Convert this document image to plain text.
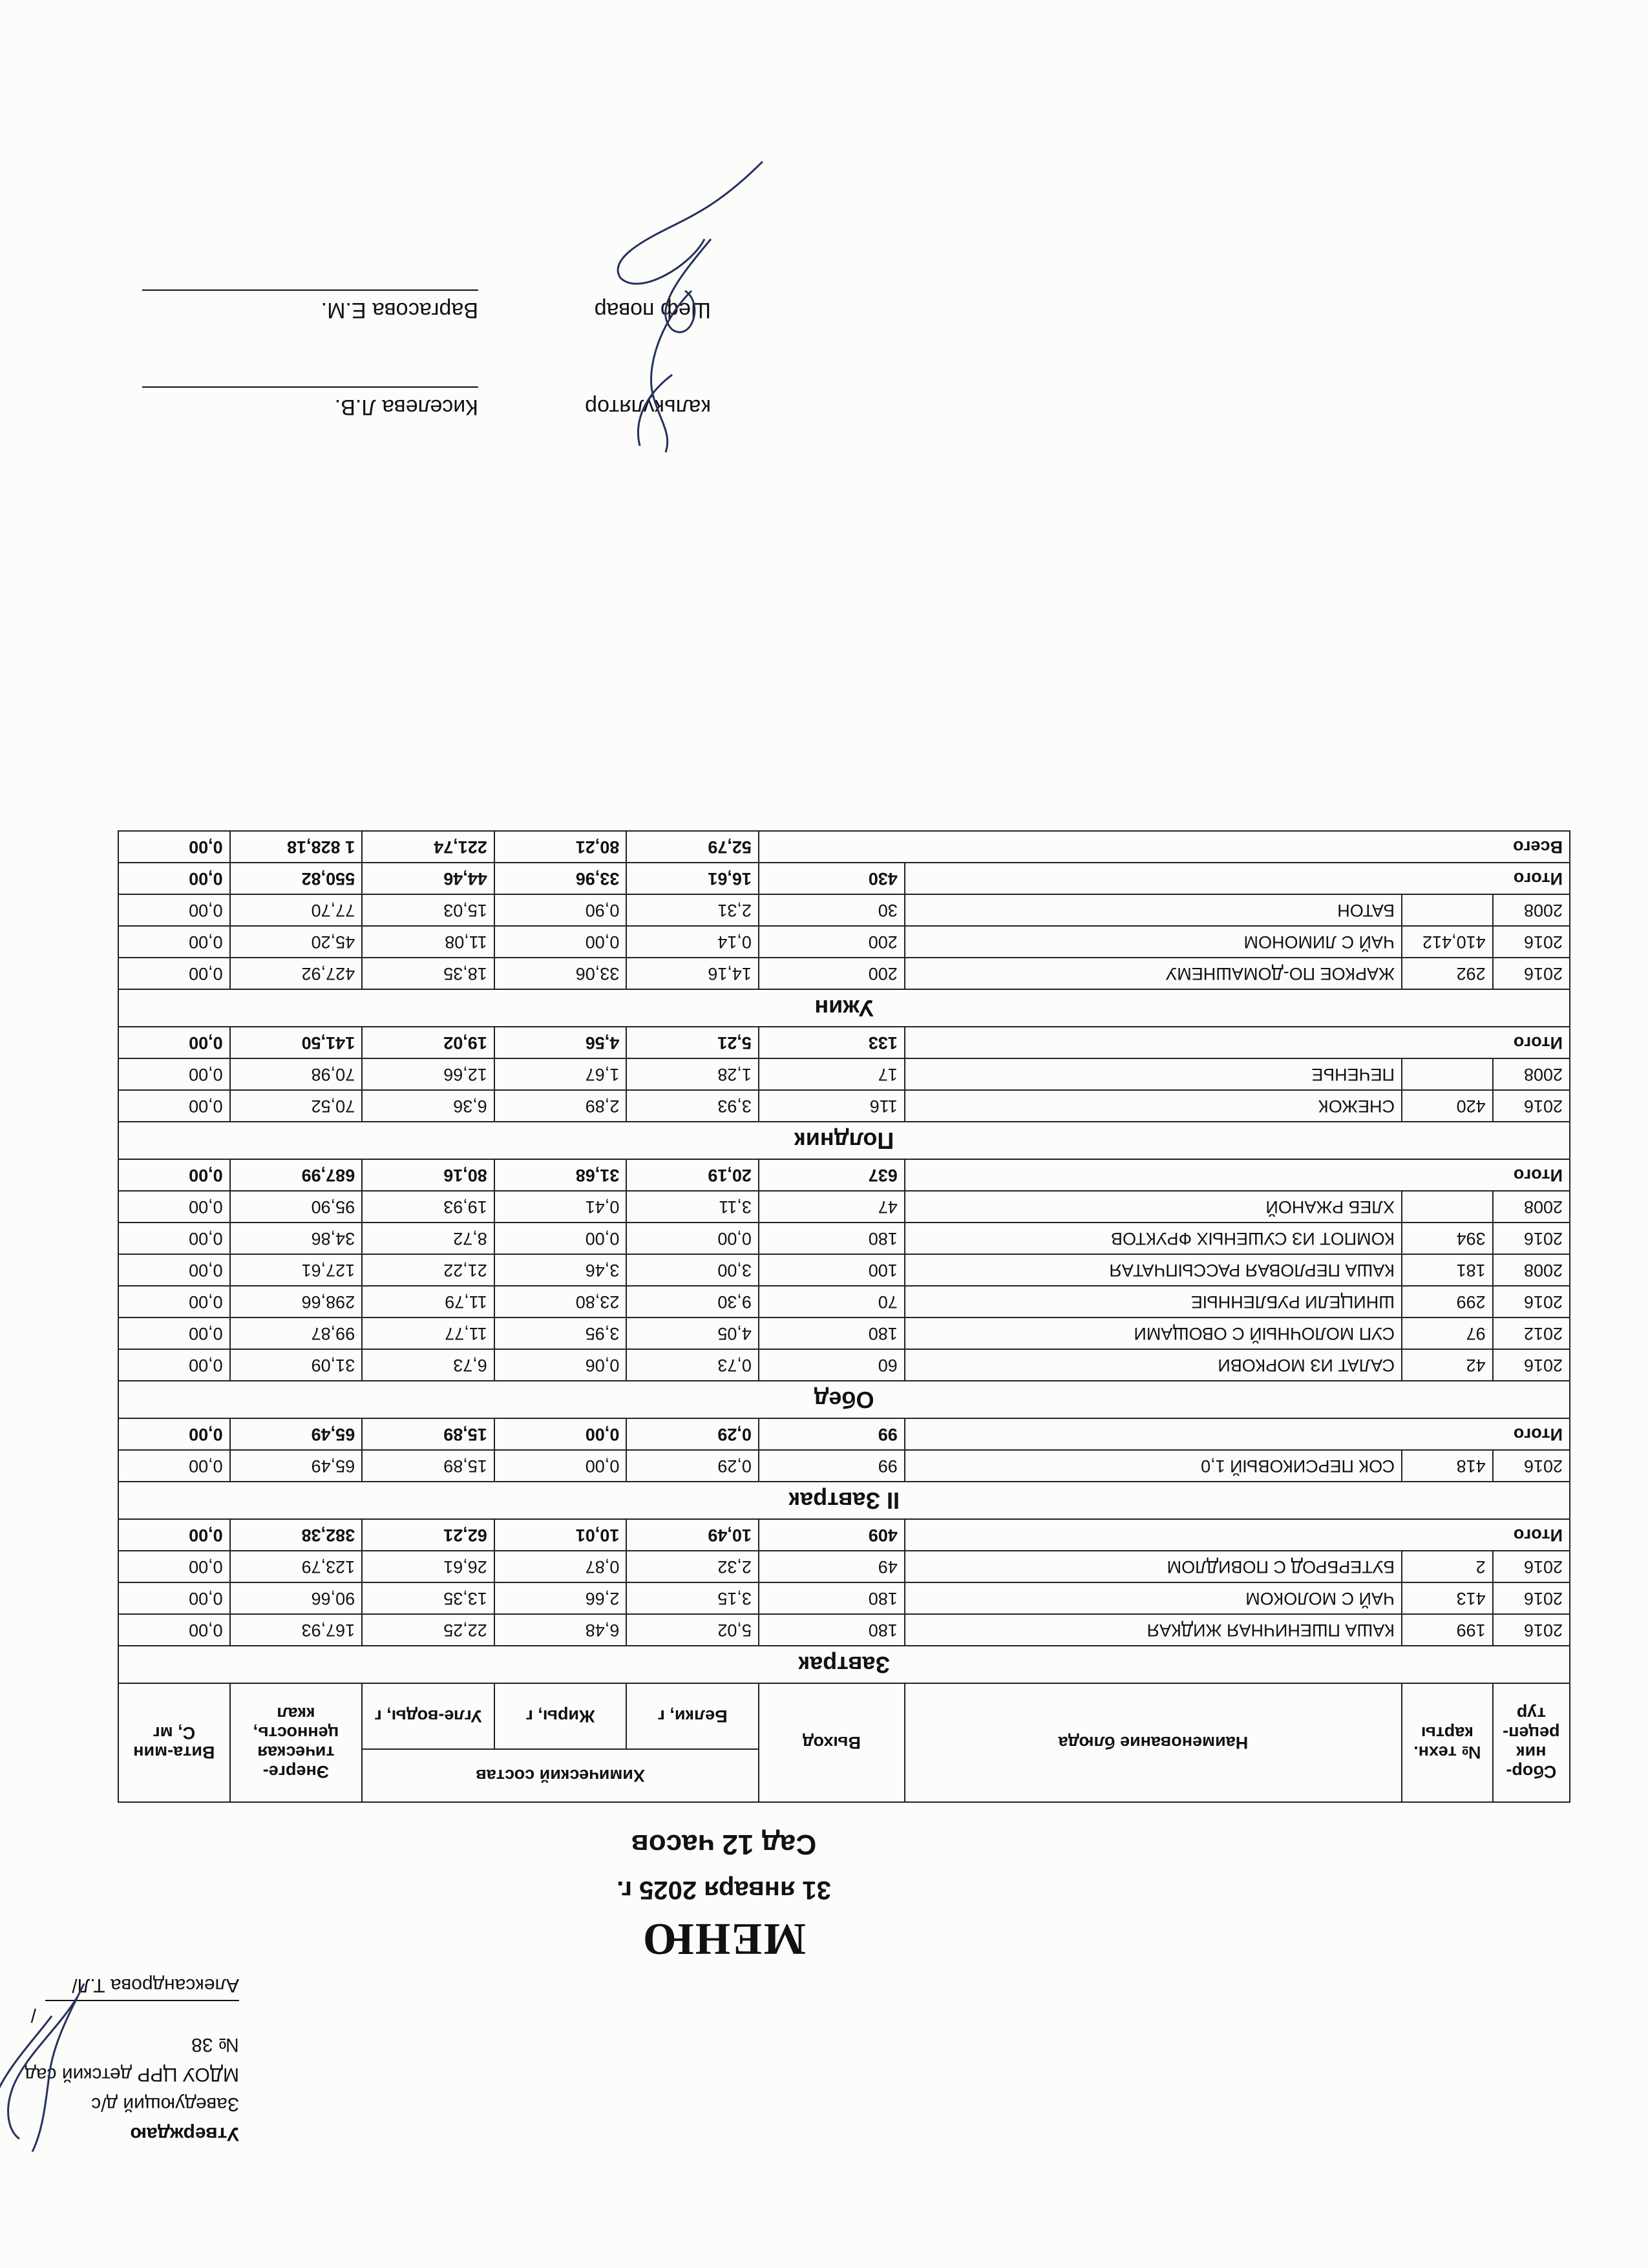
Утверждаю
Заведующий д/с
МДОУ ЦРР детский сад № 38
/Александрова Т.Л/
МЕНЮ
31 января 2025 г.
Сад 12 часов
Сбор-ник рецеп-тур	№ техн. карты	Наименование блюда	Выход	Химический состав			Энерге-тическая ценность, ккал	Вита-мин С, мг
				Белки, г	Жиры, г	Угле-воды, г		
Завтрак								
2016	199	КАША ПШЕНИЧНАЯ ЖИДКАЯ	180	5,02	6,48	22,25	167,93	0,00
2016	413	ЧАЙ С МОЛОКОМ	180	3,15	2,66	13,35	90,66	0,00
2016	2	БУТЕРБРОД С ПОВИДЛОМ	49	2,32	0,87	26,61	123,79	0,00
Итого			409	10,49	10,01	62,21	382,38	0,00
II Завтрак								
2016	418	СОК ПЕРСИКОВЫЙ 1,0	99	0,29	0,00	15,89	65,49	0,00
Итого			99	0,29	0,00	15,89	65,49	0,00
Обед								
2016	42	САЛАТ ИЗ МОРКОВИ	60	0,73	0,06	6,73	31,09	0,00
2012	97	СУП МОЛОЧНЫЙ С ОВОЩАМИ	180	4,05	3,95	11,77	99,87	0,00
2016	299	ШНИЦЕЛИ РУБЛЕННЫЕ	70	9,30	23,80	11,79	298,66	0,00
2008	181	КАША ПЕРЛОВАЯ РАССЫПЧАТАЯ	100	3,00	3,46	21,22	127,61	0,00
2016	394	КОМПОТ ИЗ СУШЕНЫХ ФРУКТОВ	180	0,00	0,00	8,72	34,86	0,00
2008		ХЛЕБ РЖАНОЙ	47	3,11	0,41	19,93	95,90	0,00
Итого			637	20,19	31,68	80,16	687,99	0,00
Полдник								
2016	420	СНЕЖОК	116	3,93	2,89	6,36	70,52	0,00
2008		ПЕЧЕНЬЕ	17	1,28	1,67	12,66	70,98	0,00
Итого			133	5,21	4,56	19,02	141,50	0,00
Ужин								
2016	292	ЖАРКОЕ ПО-ДОМАШНЕМУ	200	14,16	33,06	18,35	427,92	0,00
2016	410,412	ЧАЙ С ЛИМОНОМ	200	0,14	0,00	11,08	45,20	0,00
2008		БАТОН	30	2,31	0,90	15,03	77,70	0,00
Итого			430	16,61	33,96	44,46	550,82	0,00
Всего				52,79	80,21	221,74	1 828,18	0,00
калькулятор
Киселева Л.В.
Шеф повар
Варгасова Е.М.
